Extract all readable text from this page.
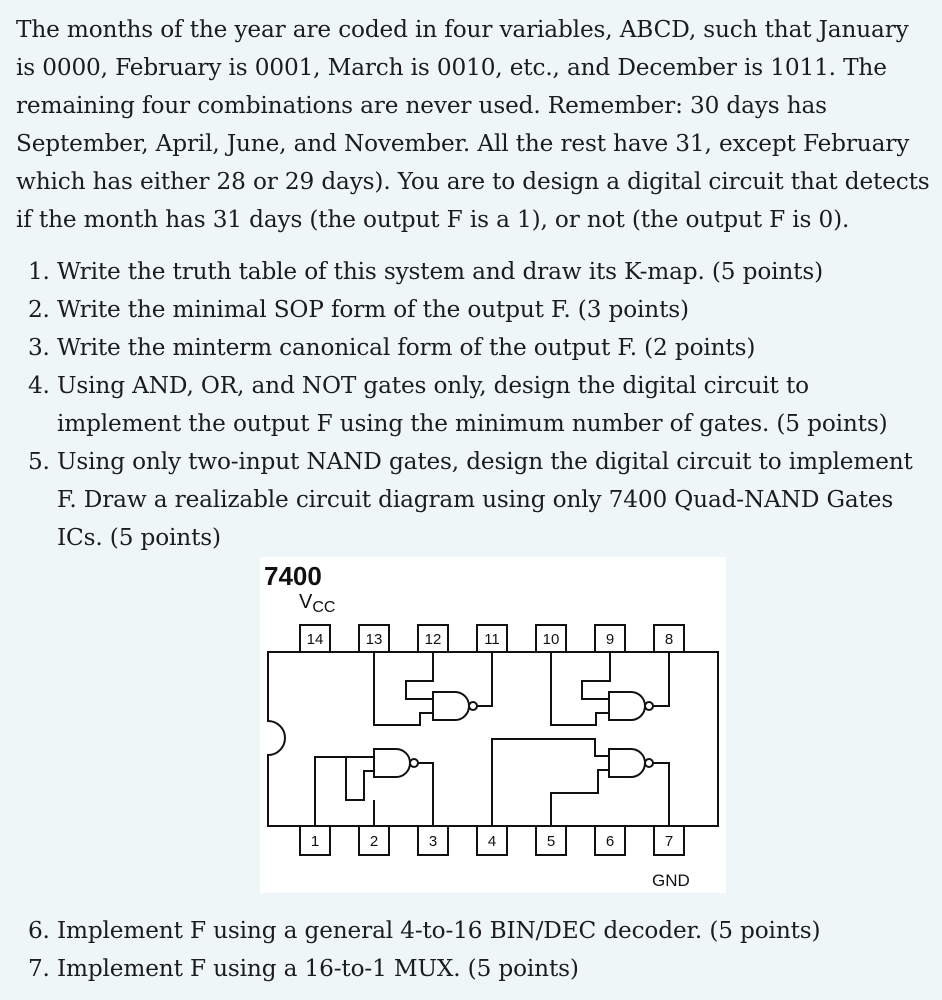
The months of the year are coded in four variables, ABCD, such that January is 0000, February is 0001, March is 0010, etc., and December is 1011. The remaining four combinations are never used. Remember: 30 days has September, April, June, and November. All the rest have 31, except February which has either 28 or 29 days). You are to design a digital circuit that detects if the month has 31 days (the output F is a 1), or not (the output F is 0).

1. Write the truth table of this system and draw its K-map. (5 points)
2. Write the minimal SOP form of the output F. (3 points)
3. Write the minterm canonical form of the output F. (2 points)
4. Using AND, OR, and NOT gates only, design the digital circuit to implement the output F using the minimum number of gates. (5 points)
5. Using only two-input NAND gates, design the digital circuit to implement F. Draw a realizable circuit diagram using only 7400 Quad-NAND Gates ICs. (5 points)
7400
$V_{CC}$
GND
14	13	12	11	10	9	8
1	2	3	4	5	6	7
6. Implement F using a general 4-to-16 BIN/DEC decoder. (5 points)
7. Implement F using a 16-to-1 MUX. (5 points)
